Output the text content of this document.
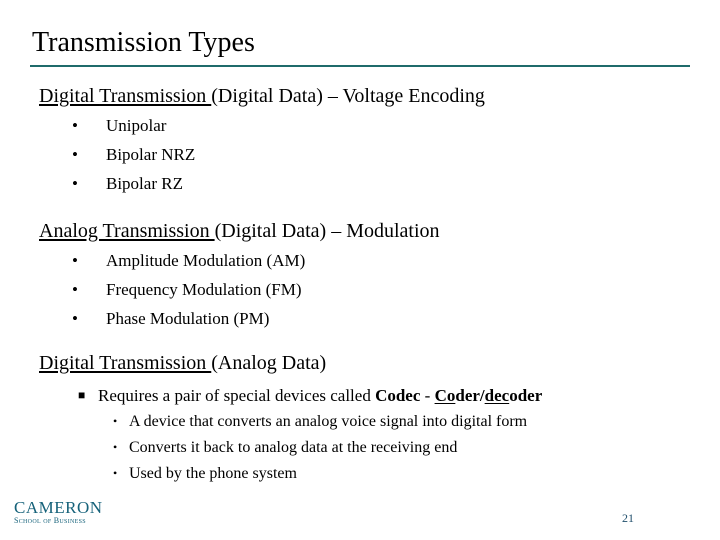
Transmission Types
Digital Transmission (Digital Data) – Voltage Encoding
• Unipolar
• Bipolar NRZ
• Bipolar RZ
Analog Transmission (Digital Data) – Modulation
• Amplitude Modulation (AM)
• Frequency Modulation (FM)
• Phase Modulation (PM)
Digital Transmission (Analog Data)
■ Requires a pair of special devices called Codec - Coder/decoder
• A device that converts an analog voice signal into digital form
• Converts it back to analog data at the receiving end
• Used by the phone system
CAMERON
School of Business	21
